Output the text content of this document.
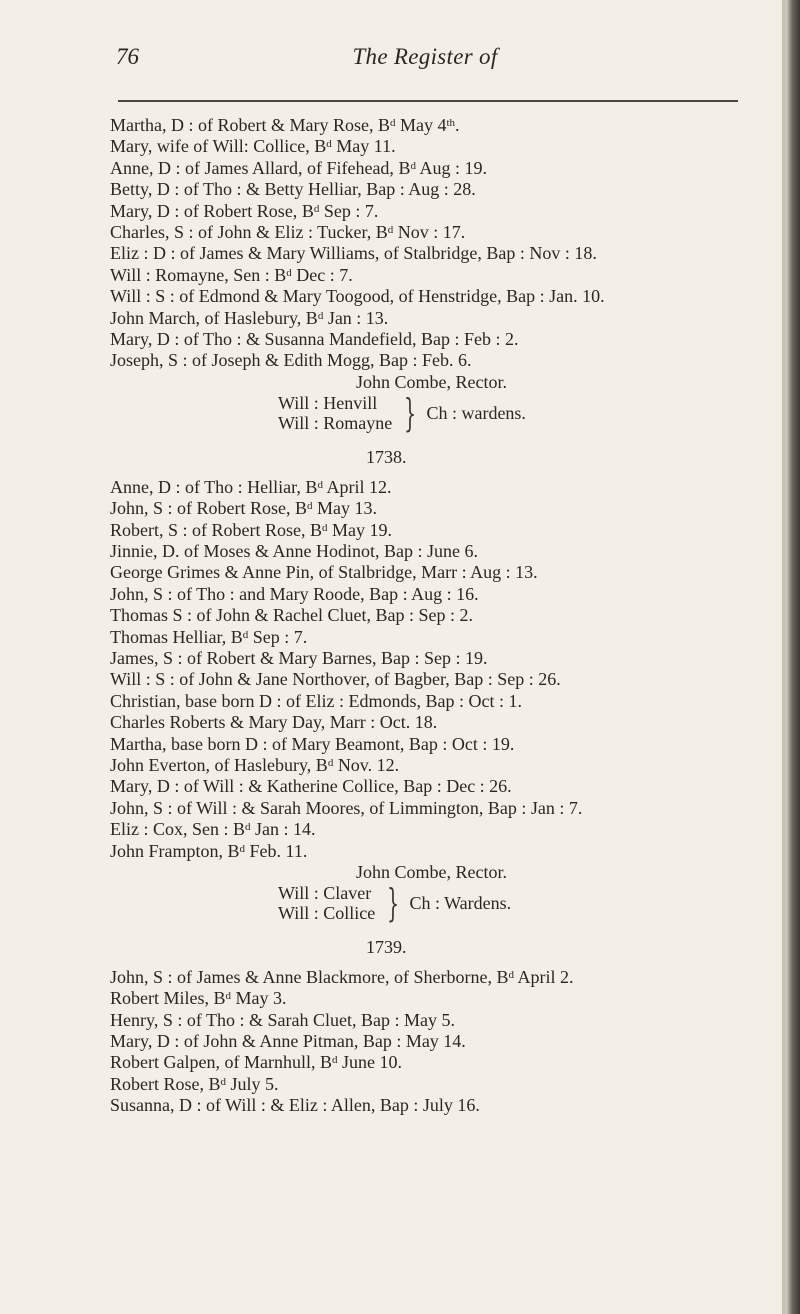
76	The Register of
Martha, D : of Robert & Mary Rose, $B^d$ May 4th.
Mary, wife of Will: Collice, $B^d$ May 11.
Anne, D : of James Allard, of Fifehead, $B^d$ Aug : 19.
Betty, D : of Tho : & Betty Helliar, Bap : Aug : 28.
Mary, D : of Robert Rose, $B^d$ Sep : 7.
Charles, S : of John & Eliz : Tucker, $B^d$ Nov : 17.
Eliz : D : of James & Mary Williams, of Stalbridge, Bap : Nov : 18.
Will : Romayne, Sen : $B^d$ Dec : 7.
Will : S : of Edmond & Mary Toogood, of Henstridge, Bap : Jan. 10.
John March, of Haslebury, $B^d$ Jan : 13.
Mary, D : of Tho : & Susanna Mandefield, Bap : Feb : 2.
Joseph, S : of Joseph & Edith Mogg, Bap : Feb. 6.
John Combe, Rector.
Will : Henvill
Will : Romayne } Ch : wardens.
1738.
Anne, D : of Tho : Helliar, $B^d$ April 12.
John, S : of Robert Rose, $B^d$ May 13.
Robert, S : of Robert Rose, $B^d$ May 19.
Jinnie, D. of Moses & Anne Hodinot, Bap : June 6.
George Grimes & Anne Pin, of Stalbridge, Marr : Aug : 13.
John, S : of Tho : and Mary Roode, Bap : Aug : 16.
Thomas S : of John & Rachel Cluet, Bap : Sep : 2.
Thomas Helliar, $B^d$ Sep : 7.
James, S : of Robert & Mary Barnes, Bap : Sep : 19.
Will : S : of John & Jane Northover, of Bagber, Bap : Sep : 26.
Christian, base born D : of Eliz : Edmonds, Bap : Oct : 1.
Charles Roberts & Mary Day, Marr : Oct. 18.
Martha, base born D : of Mary Beamont, Bap : Oct : 19.
John Everton, of Haslebury, $B^d$ Nov. 12.
Mary, D : of Will : & Katherine Collice, Bap : Dec : 26.
John, S : of Will : & Sarah Moores, of Limmington, Bap : Jan : 7.
Eliz : Cox, Sen : $B^d$ Jan : 14.
John Frampton, $B^d$ Feb. 11.
John Combe, Rector.
Will : Claver
Will : Collice } Ch : Wardens.
1739.
John, S : of James & Anne Blackmore, of Sherborne, $B^d$ April 2.
Robert Miles, $B^d$ May 3.
Henry, S : of Tho : & Sarah Cluet, Bap : May 5.
Mary, D : of John & Anne Pitman, Bap : May 14.
Robert Galpen, of Marnhull, $B^d$ June 10.
Robert Rose, $B^d$ July 5.
Susanna, D : of Will : & Eliz : Allen, Bap : July 16.
